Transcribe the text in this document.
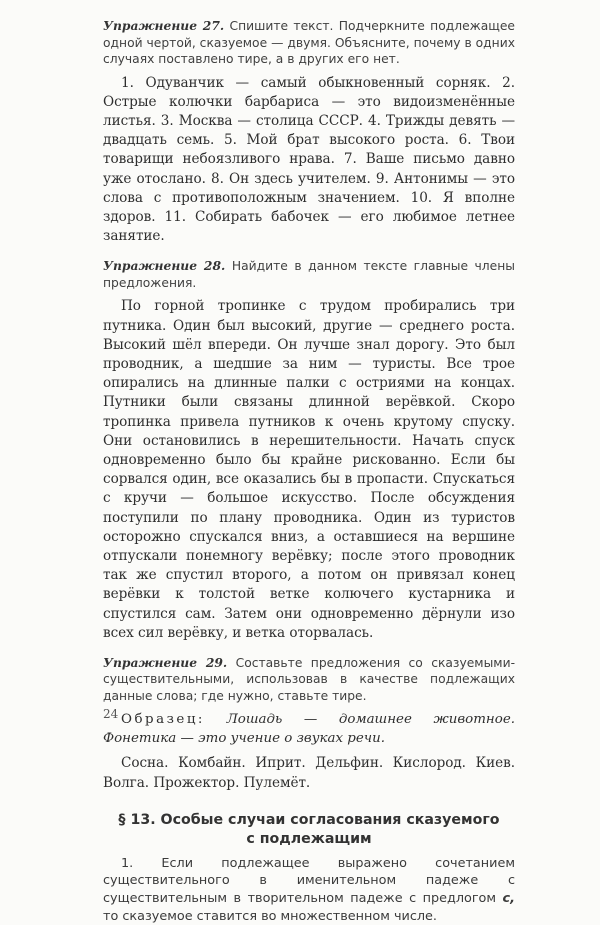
Упражнение 27. Спишите текст. Подчеркните подлежащее одной чертой, сказуемое — двумя. Объясните, почему в одних случаях поставлено тире, а в других его нет.

1. Одуванчик — самый обыкновенный сорняк. 2. Острые колючки барбариса — это видоизменённые листья. 3. Москва — столица СССР. 4. Трижды девять — двадцать семь. 5. Мой брат высокого роста. 6. Твои товарищи небоязливого нрава. 7. Ваше письмо давно уже отослано. 8. Он здесь учителем. 9. Антонимы — это слова с противоположным значением. 10. Я вполне здоров. 11. Собирать бабочек — его любимое летнее занятие.

Упражнение 28. Найдите в данном тексте главные члены предложения.

По горной тропинке с трудом пробирались три путника. Один был высокий, другие — среднего роста. Высокий шёл впереди. Он лучше знал дорогу. Это был проводник, а шедшие за ним — туристы. Все трое опирались на длинные палки с остриями на концах. Путники были связаны длинной верёвкой. Скоро тропинка привела путников к очень крутому спуску. Они остановились в нерешительности. Начать спуск одновременно было бы крайне рискованно. Если бы сорвался один, все оказались бы в пропасти. Спускаться с кручи — большое искусство. После обсуждения поступили по плану проводника. Один из туристов осторожно спускался вниз, а оставшиеся на вершине отпускали понемногу верёвку; после этого проводник так же спустил второго, а потом он привязал конец верёвки к толстой ветке колючего кустарника и спустился сам. Затем они одновременно дёрнули изо всех сил верёвку, и ветка оторвалась.

Упражнение 29. Составьте предложения со сказуемыми-существительными, использовав в качестве подлежащих данные слова; где нужно, ставьте тире.

Образец: Лошадь — домашнее животное. Фонетика — это учение о звуках речи.

Сосна. Комбайн. Иприт. Дельфин. Кислород. Киев. Волга. Прожектор. Пулемёт.

§ 13. Особые случаи согласования сказуемого
с подлежащим

1. Если подлежащее выражено сочетанием существительного в именительном падеже с существительным в творительном падеже с предлогом с, то сказуемое ставится во множественном числе.

24
